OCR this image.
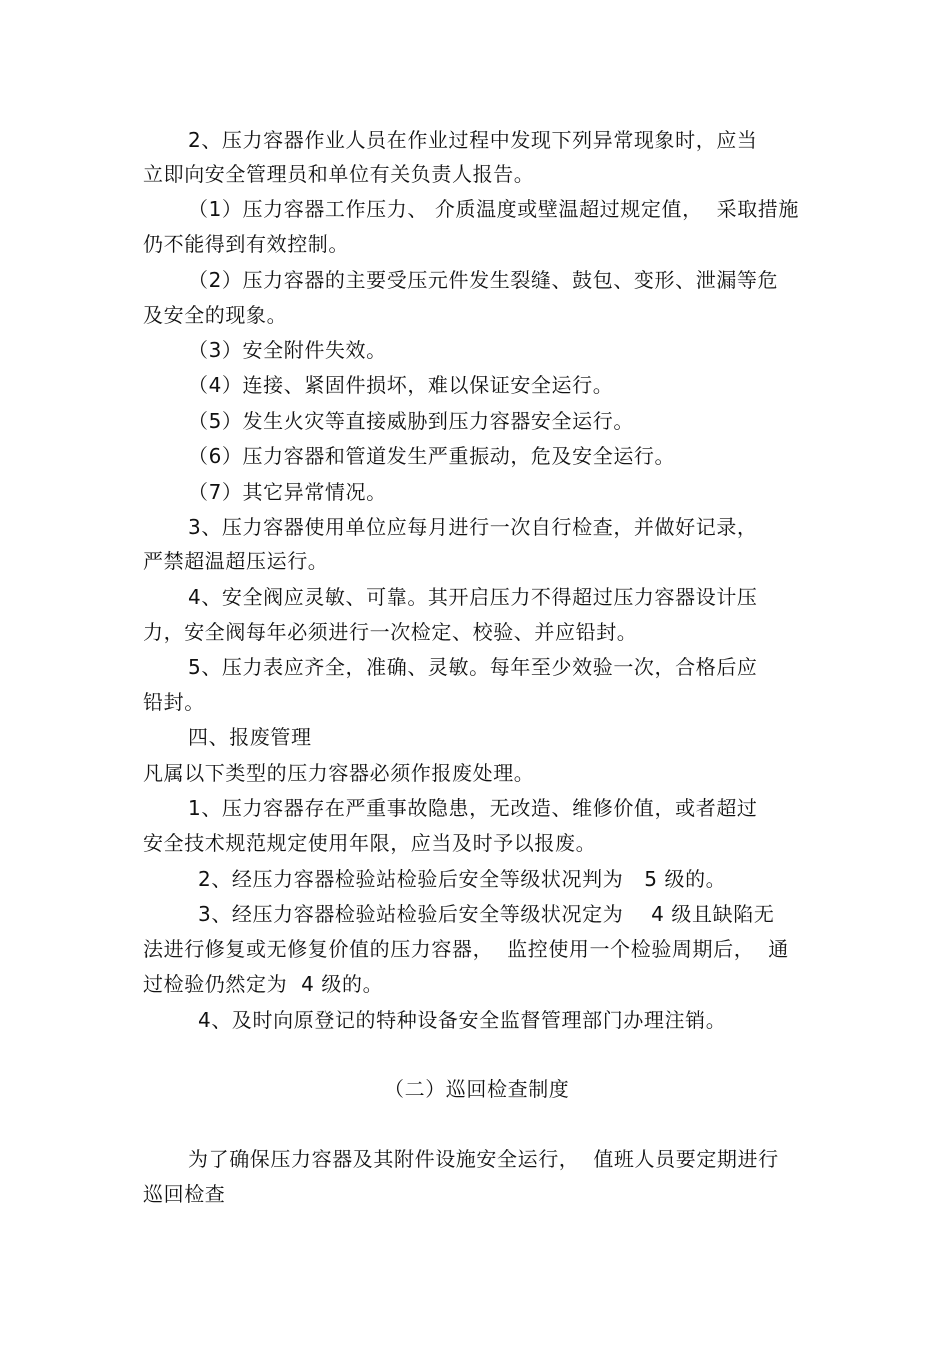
2、压力容器作业人员在作业过程中发现下列异常现象时，应当

立即向安全管理员和单位有关负责人报告。

（1）压力容器工作压力、 介质温度或壁温超过规定值，  采取措施

仍不能得到有效控制。

（2）压力容器的主要受压元件发生裂缝、鼓包、变形、泄漏等危

及安全的现象。

（3）安全附件失效。

（4）连接、紧固件损坏，难以保证安全运行。

（5）发生火灾等直接威胁到压力容器安全运行。

（6）压力容器和管道发生严重振动，危及安全运行。

（7）其它异常情况。

3、压力容器使用单位应每月进行一次自行检查，并做好记录，

严禁超温超压运行。

4、安全阀应灵敏、可靠。其开启压力不得超过压力容器设计压

力，安全阀每年必须进行一次检定、校验、并应铅封。

5、压力表应齐全，准确、灵敏。每年至少效验一次，合格后应

铅封。

四、报废管理

凡属以下类型的压力容器必须作报废处理。

1、压力容器存在严重事故隐患，无改造、维修价值，或者超过

安全技术规范规定使用年限，应当及时予以报废。

2、经压力容器检验站检验后安全等级状况判为   5 级的。

3、经压力容器检验站检验后安全等级状况定为    4 级且缺陷无

法进行修复或无修复价值的压力容器，  监控使用一个检验周期后，  通

过检验仍然定为  4 级的。

4、及时向原登记的特种设备安全监督管理部门办理注销。

（二）巡回检查制度

为了确保压力容器及其附件设施安全运行，  值班人员要定期进行

巡回检查
